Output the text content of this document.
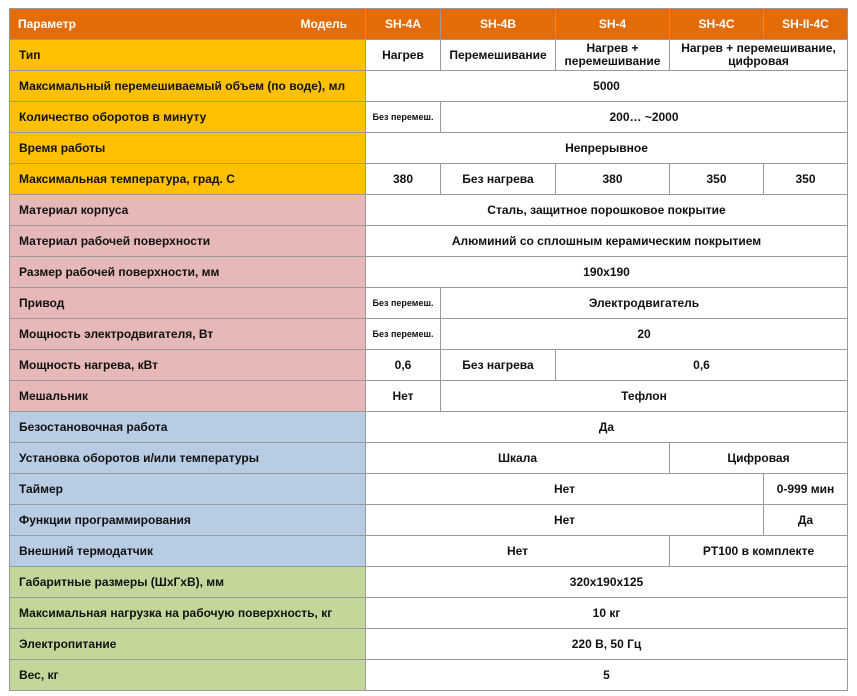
Параметр Модель	SH-4A	SH-4B	SH-4	SH-4C	SH-II-4C
Тип	Нагрев	Перемешивание	Нагрев + перемешивание	Нагрев + перемешивание, цифровая	
Максимальный перемешиваемый объем (по воде), мл	5000				
Количество оборотов в минуту	Без перемеш.	200… ~2000			
Время работы	Непрерывное				
Максимальная температура, град. С	380	Без нагрева	380	350	350
Материал корпуса	Сталь, защитное порошковое покрытие				
Материал рабочей поверхности	Алюминий со сплошным керамическим покрытием				
Размер рабочей поверхности, мм	190x190				
Привод	Без перемеш.	Электродвигатель			
Мощность электродвигателя, Вт	Без перемеш.	20			
Мощность нагрева, кВт	0,6	Без нагрева	0,6		
Мешальник	Нет	Тефлон			
Безостановочная работа	Да				
Установка оборотов и/или температуры	Шкала			Цифровая	
Таймер	Нет				0-999 мин
Функции программирования	Нет				Да
Внешний термодатчик	Нет			PT100 в комплекте	
Габаритные размеры (ШxГxВ), мм	320x190x125				
Максимальная нагрузка на рабочую поверхность, кг	10 кг				
Электропитание	220 В, 50 Гц				
Вес, кг	5				
